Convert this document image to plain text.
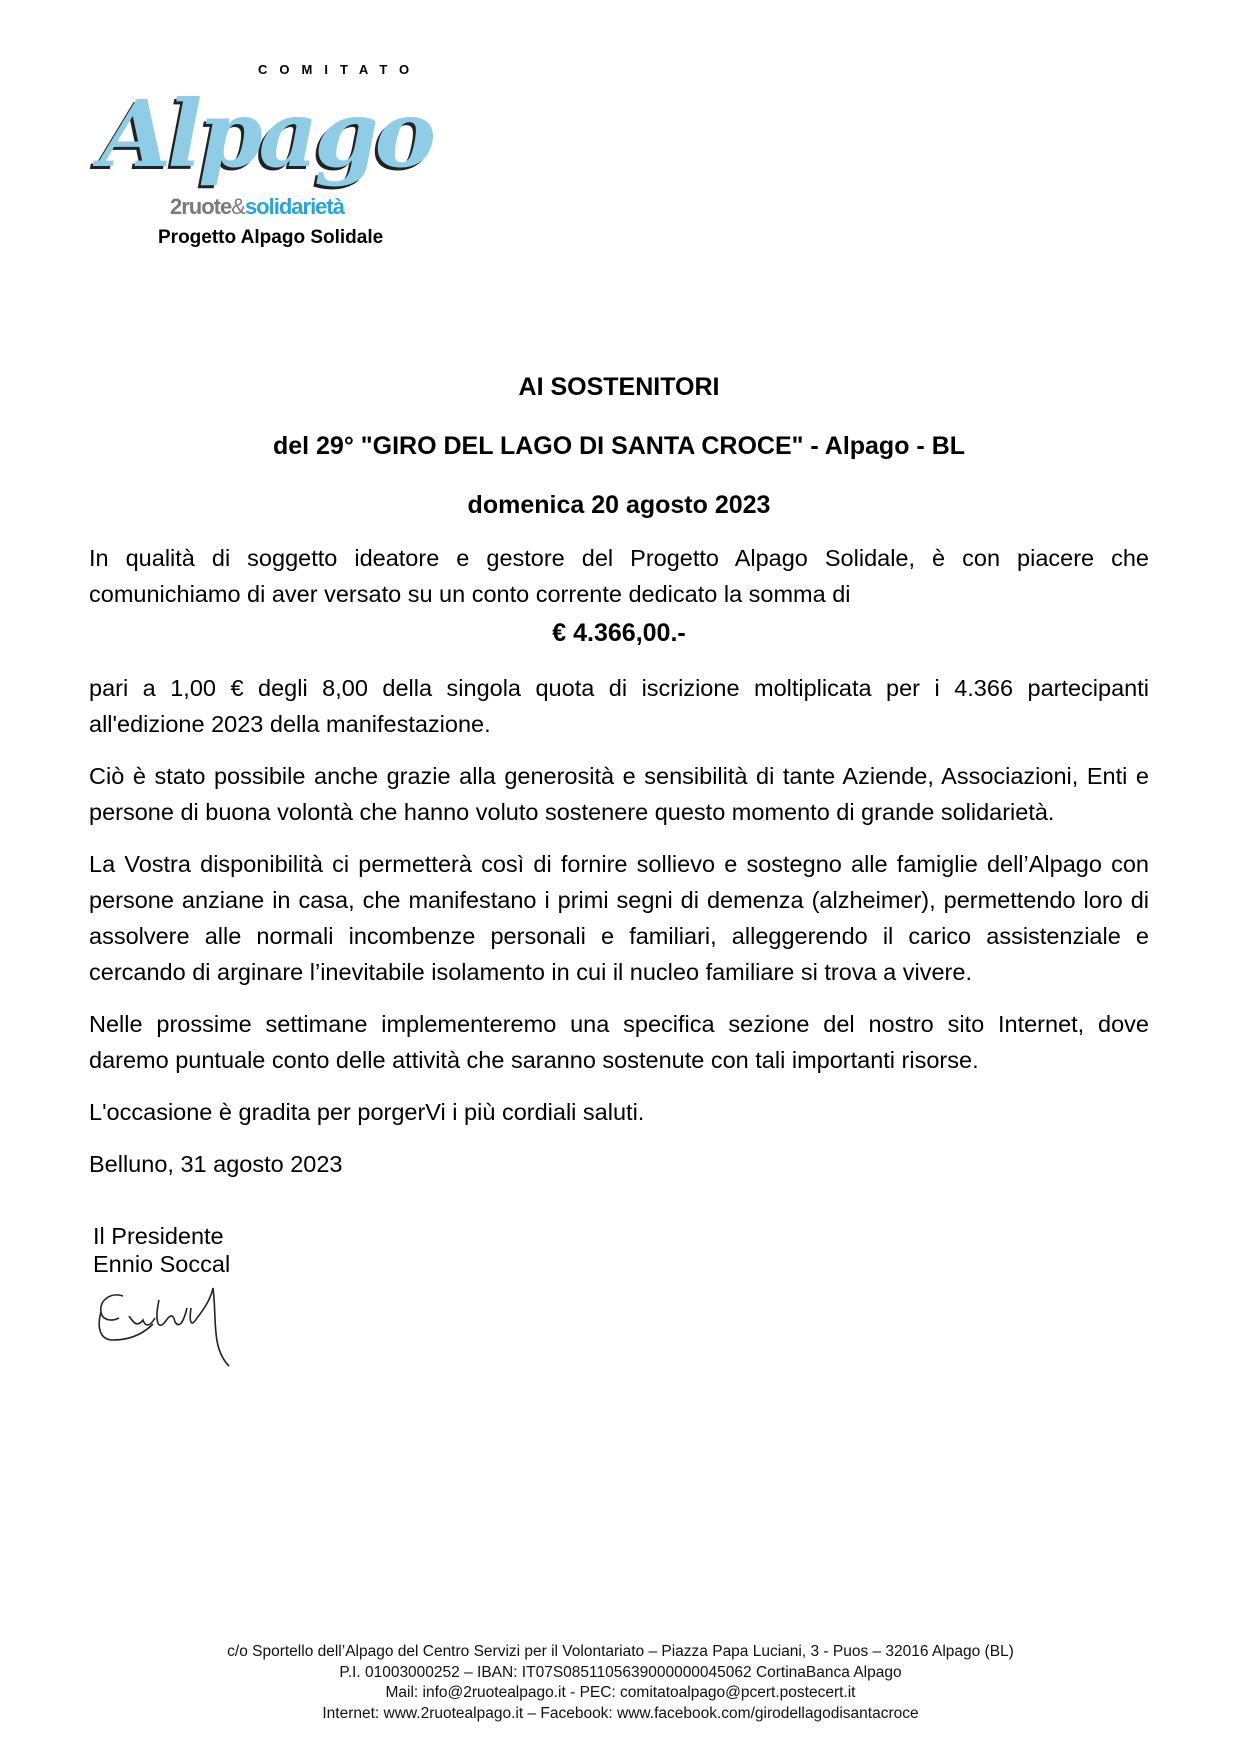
COMITATO
Alpago
2ruote&solidarietà
Progetto Alpago Solidale
AI SOSTENITORI
del 29° "GIRO DEL LAGO DI SANTA CROCE" - Alpago - BL
domenica 20 agosto 2023

In qualità di soggetto ideatore e gestore del Progetto Alpago Solidale, è con piacere che comunichiamo di aver versato su un conto corrente dedicato la somma di

€ 4.366,00.-

pari a 1,00 € degli 8,00 della singola quota di iscrizione moltiplicata per i 4.366 partecipanti all'edizione 2023 della manifestazione.

Ciò è stato possibile anche grazie alla generosità e sensibilità di tante Aziende, Associazioni, Enti e persone di buona volontà che hanno voluto sostenere questo momento di grande solidarietà.

La Vostra disponibilità ci permetterà così di fornire sollievo e sostegno alle famiglie dell’Alpago con persone anziane in casa, che manifestano i primi segni di demenza (alzheimer), permettendo loro di assolvere alle normali incombenze personali e familiari, alleggerendo il carico assistenziale e cercando di arginare l’inevitabile isolamento in cui il nucleo familiare si trova a vivere.

Nelle prossime settimane implementeremo una specifica sezione del nostro sito Internet, dove daremo puntuale conto delle attività che saranno sostenute con tali importanti risorse.

L'occasione è gradita per porgerVi i più cordiali saluti.

Belluno, 31 agosto 2023

Il Presidente
Ennio Soccal
c/o Sportello dell’Alpago del Centro Servizi per il Volontariato – Piazza Papa Luciani, 3 - Puos – 32016 Alpago (BL)
P.I. 01003000252 – IBAN: IT07S0851105639000000045062 CortinaBanca Alpago
Mail: info@2ruotealpago.it - PEC: comitatoalpago@pcert.postecert.it
Internet: www.2ruotealpago.it – Facebook: www.facebook.com/girodellagodisantacroce
